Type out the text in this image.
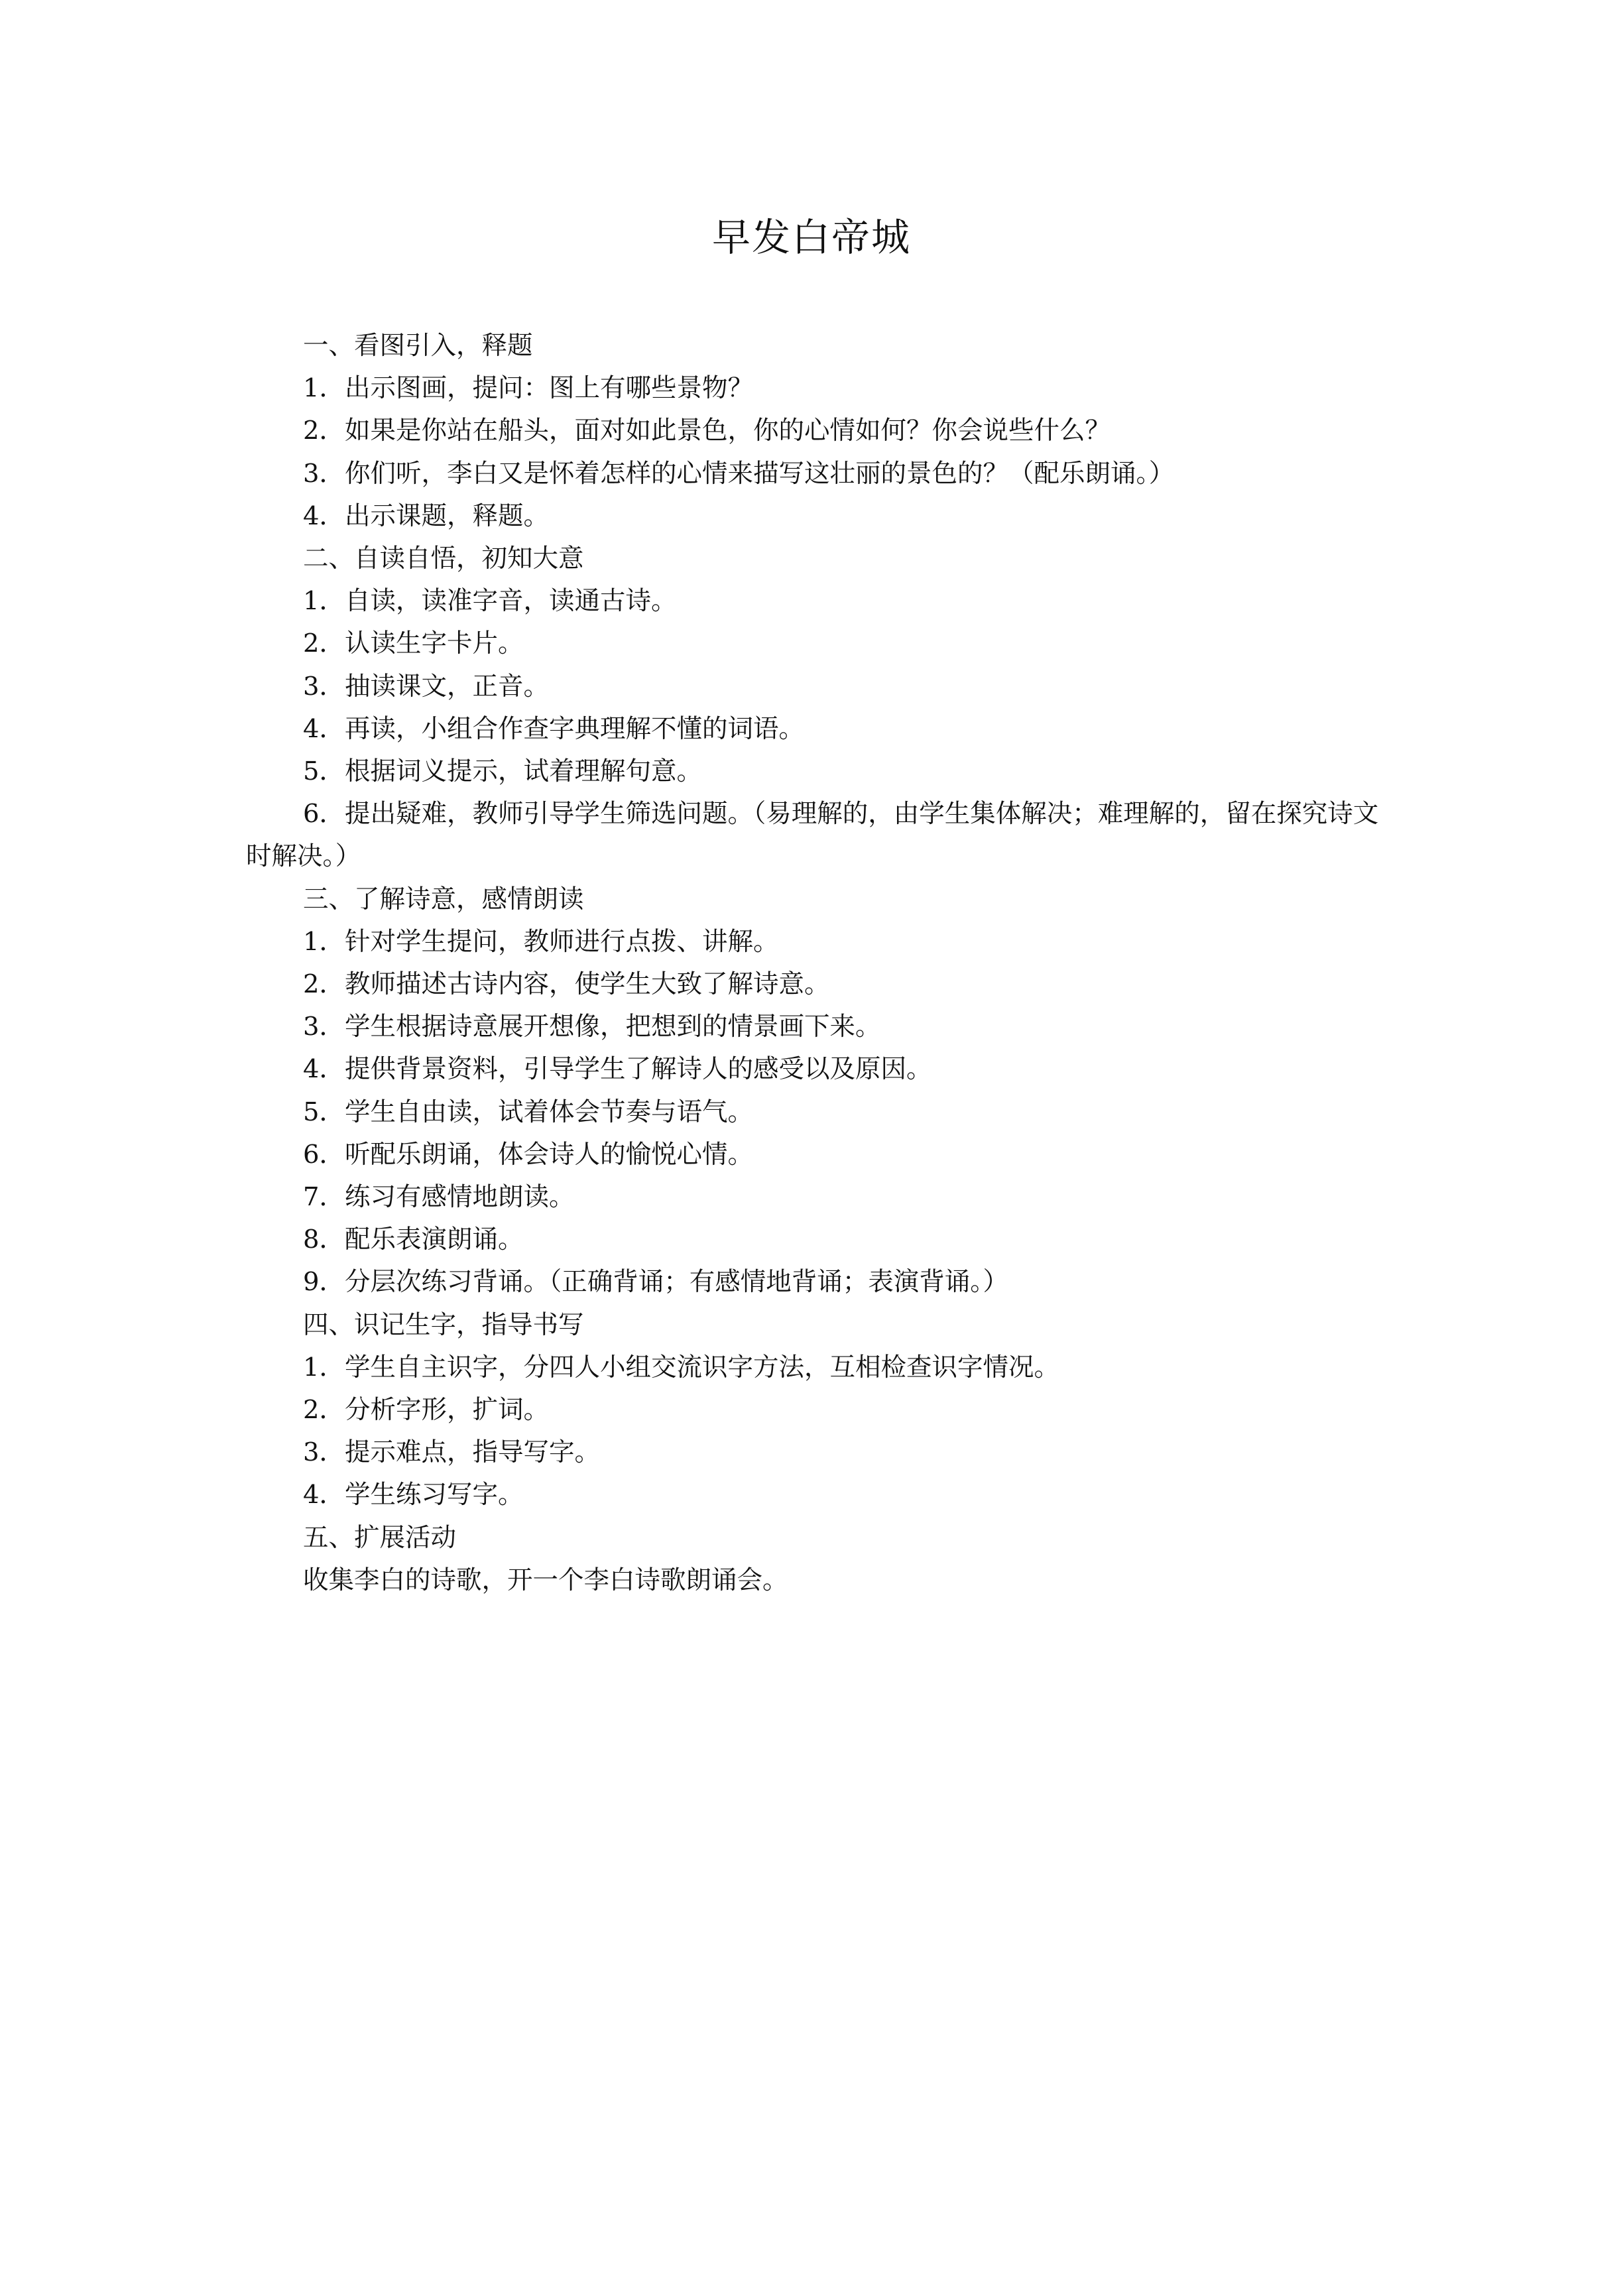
早发白帝城

一、看图引入，释题

1．出示图画，提问：图上有哪些景物？

2．如果是你站在船头，面对如此景色，你的心情如何？你会说些什么？

3．你们听，李白又是怀着怎样的心情来描写这壮丽的景色的？（配乐朗诵。）

4．出示课题，释题。

二、自读自悟，初知大意

1．自读，读准字音，读通古诗。

2．认读生字卡片。

3．抽读课文，正音。

4．再读，小组合作查字典理解不懂的词语。

5．根据词义提示，试着理解句意。

6．提出疑难，教师引导学生筛选问题。（易理解的，由学生集体解决；难理解的，留在探究诗文时解决。）

三、了解诗意，感情朗读

1．针对学生提问，教师进行点拨、讲解。

2．教师描述古诗内容，使学生大致了解诗意。

3．学生根据诗意展开想像，把想到的情景画下来。

4．提供背景资料，引导学生了解诗人的感受以及原因。

5．学生自由读，试着体会节奏与语气。

6．听配乐朗诵，体会诗人的愉悦心情。

7．练习有感情地朗读。

8．配乐表演朗诵。

9．分层次练习背诵。（正确背诵；有感情地背诵；表演背诵。）

四、识记生字，指导书写

1．学生自主识字，分四人小组交流识字方法，互相检查识字情况。

2．分析字形，扩词。

3．提示难点，指导写字。

4．学生练习写字。

五、扩展活动

收集李白的诗歌，开一个李白诗歌朗诵会。
